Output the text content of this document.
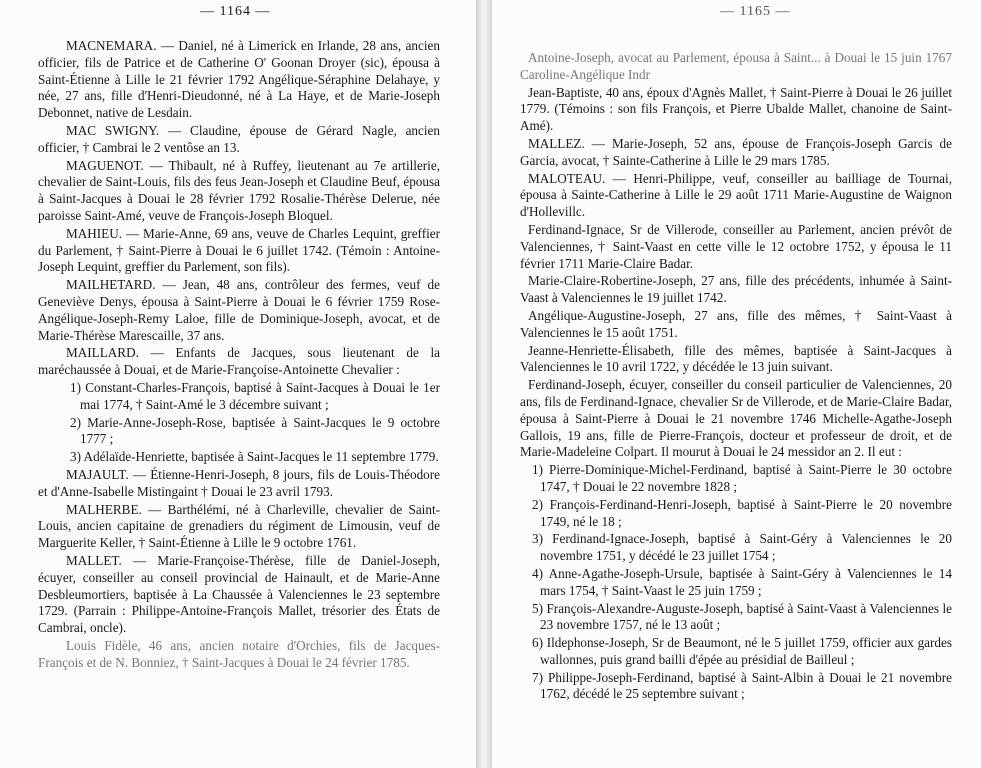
— 1164 —

MACNEMARA. — Daniel, né à Limerick en Irlande, 28 ans, ancien officier, fils de Patrice et de Catherine O' Goonan Droyer (sic), épousa à Saint-Étienne à Lille le 21 février 1792 Angélique-Séraphine Delahaye, y née, 27 ans, fille d'Henri-Dieudonné, né à La Haye, et de Marie-Joseph Debonnet, native de Lesdain.

MAC SWIGNY. — Claudine, épouse de Gérard Nagle, ancien officier, † Cambrai le 2 ventôse an 13.

MAGUENOT. — Thibault, né à Ruffey, lieutenant au 7e artillerie, chevalier de Saint-Louis, fils des feus Jean-Joseph et Claudine Beuf, épousa à Saint-Jacques à Douai le 28 février 1792 Rosalie-Thérèse Delerue, née paroisse Saint-Amé, veuve de François-Joseph Bloquel.

MAHIEU. — Marie-Anne, 69 ans, veuve de Charles Lequint, greffier du Parlement, † Saint-Pierre à Douai le 6 juillet 1742. (Témoin : Antoine-Joseph Lequint, greffier du Parlement, son fils).

MAILHETARD. — Jean, 48 ans, contrôleur des fermes, veuf de Geneviève Denys, épousa à Saint-Pierre à Douai le 6 février 1759 Rose-Angélique-Joseph-Remy Laloe, fille de Dominique-Joseph, avocat, et de Marie-Thérèse Marescaille, 37 ans.

MAILLARD. — Enfants de Jacques, sous lieutenant de la maréchaussée à Douai, et de Marie-Françoise-Antoinette Chevalier :

1) Constant-Charles-François, baptisé à Saint-Jacques à Douai le 1er mai 1774, † Saint-Amé le 3 décembre suivant ;

2) Marie-Anne-Joseph-Rose, baptisée à Saint-Jacques le 9 octobre 1777 ;

3) Adélaïde-Henriette, baptisée à Saint-Jacques le 11 septembre 1779.

MAJAULT. — Étienne-Henri-Joseph, 8 jours, fils de Louis-Théodore et d'Anne-Isabelle Mistingaint † Douai le 23 avril 1793.

MALHERBE. — Barthélémi, né à Charleville, chevalier de Saint-Louis, ancien capitaine de grenadiers du régiment de Limousin, veuf de Marguerite Keller, † Saint-Étienne à Lille le 9 octobre 1761.

MALLET. — Marie-Françoise-Thérèse, fille de Daniel-Joseph, écuyer, conseiller au conseil provincial de Hainault, et de Marie-Anne Desbleumortiers, baptisée à La Chaussée à Valenciennes le 23 septembre 1729. (Parrain : Philippe-Antoine-François Mallet, trésorier des États de Cambrai, oncle).

Louis Fidèle, 46 ans, ancien notaire d'Orchies, fils de Jacques-François et de N. Bonniez, † Saint-Jacques à Douai le 24 février 1785.

— 1165 —

Antoine-Joseph, avocat au Parlement, épousa à Saint... à Douai le 15 juin 1767 Caroline-Angélique Indr

Jean-Baptiste, 40 ans, époux d'Agnès Mallet, † Saint-Pierre à Douai le 26 juillet 1779. (Témoins : son fils François, et Pierre Ubalde Mallet, chanoine de Saint-Amé).

MALLEZ. — Marie-Joseph, 52 ans, épouse de François-Joseph Garcis de Garcia, avocat, † Sainte-Catherine à Lille le 29 mars 1785.

MALOTEAU. — Henri-Philippe, veuf, conseiller au bailliage de Tournai, épousa à Sainte-Catherine à Lille le 29 août 1711 Marie-Augustine de Waignon d'Hollevillc.

Ferdinand-Ignace, Sr de Villerode, conseiller au Parlement, ancien prévôt de Valenciennes, † Saint-Vaast en cette ville le 12 octobre 1752, y épousa le 11 février 1711 Marie-Claire Badar.

Marie-Claire-Robertine-Joseph, 27 ans, fille des précédents, inhumée à Saint-Vaast à Valenciennes le 19 juillet 1742.

Angélique-Augustine-Joseph, 27 ans, fille des mêmes, † Saint-Vaast à Valenciennes le 15 août 1751.

Jeanne-Henriette-Élisabeth, fille des mêmes, baptisée à Saint-Jacques à Valenciennes le 10 avril 1722, y décédée le 13 juin suivant.

Ferdinand-Joseph, écuyer, conseiller du conseil particulier de Valenciennes, 20 ans, fils de Ferdinand-Ignace, chevalier Sr de Villerode, et de Marie-Claire Badar, épousa à Saint-Pierre à Douai le 21 novembre 1746 Michelle-Agathe-Joseph Gallois, 19 ans, fille de Pierre-François, docteur et professeur de droit, et de Marie-Madeleine Colpart. Il mourut à Douai le 24 messidor an 2. Il eut :

1) Pierre-Dominique-Michel-Ferdinand, baptisé à Saint-Pierre le 30 octobre 1747, † Douai le 22 novembre 1828 ;

2) François-Ferdinand-Henri-Joseph, baptisé à Saint-Pierre le 20 novembre 1749, né le 18 ;

3) Ferdinand-Ignace-Joseph, baptisé à Saint-Géry à Valenciennes le 20 novembre 1751, y décédé le 23 juillet 1754 ;

4) Anne-Agathe-Joseph-Ursule, baptisée à Saint-Géry à Valenciennes le 14 mars 1754, † Saint-Vaast le 25 juin 1759 ;

5) François-Alexandre-Auguste-Joseph, baptisé à Saint-Vaast à Valenciennes le 23 novembre 1757, né le 13 août ;

6) Ildephonse-Joseph, Sr de Beaumont, né le 5 juillet 1759, officier aux gardes wallonnes, puis grand bailli d'épée au présidial de Bailleul ;

7) Philippe-Joseph-Ferdinand, baptisé à Saint-Albin à Douai le 21 novembre 1762, décédé le 25 septembre suivant ;
